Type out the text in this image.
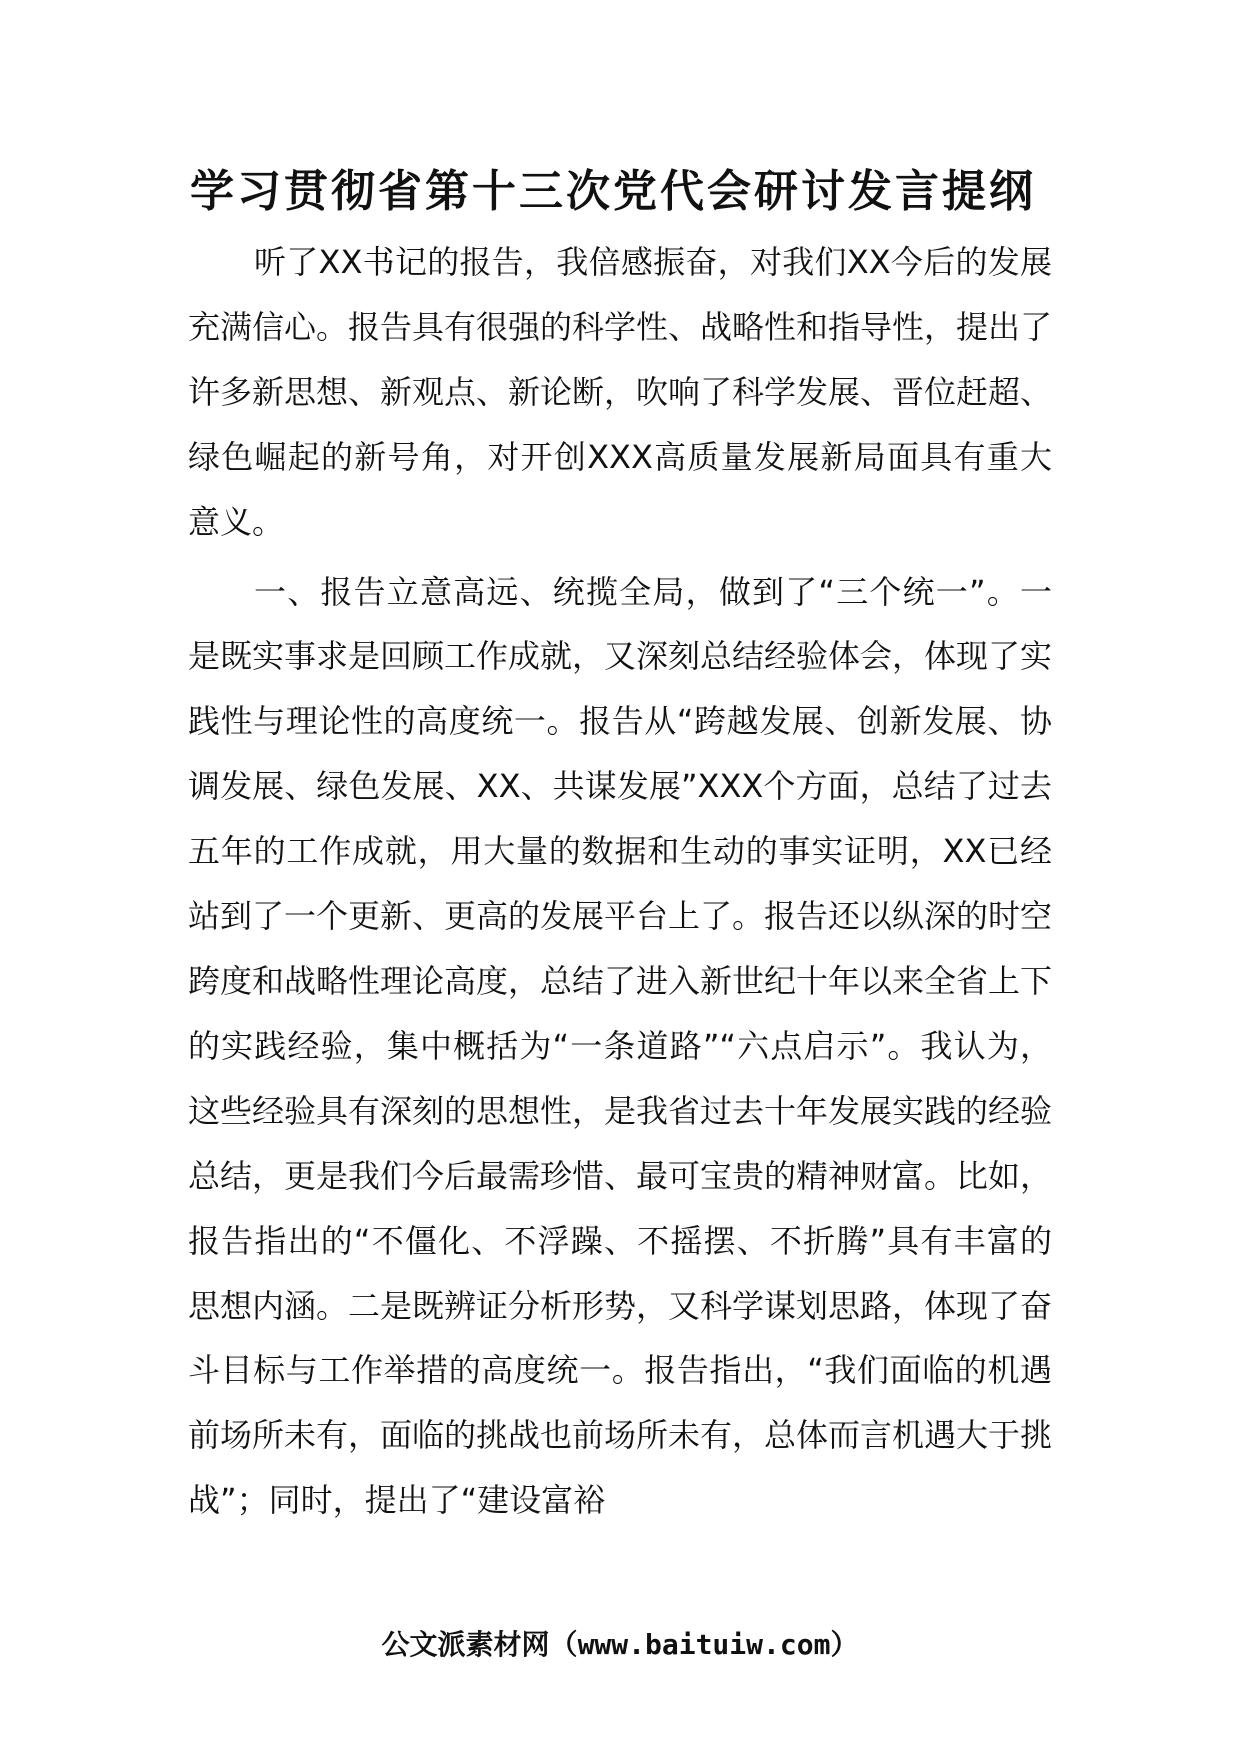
学习贯彻省第十三次党代会研讨发言提纲

听了XX书记的报告，我倍感振奋，对我们XX今后的发展充满信心。报告具有很强的科学性、战略性和指导性，提出了许多新思想、新观点、新论断，吹响了科学发展、晋位赶超、绿色崛起的新号角，对开创XXX高质量发展新局面具有重大意义。

一、报告立意高远、统揽全局，做到了“三个统一”。一是既实事求是回顾工作成就，又深刻总结经验体会，体现了实践性与理论性的高度统一。报告从“跨越发展、创新发展、协调发展、绿色发展、XX、共谋发展”XXX个方面，总结了过去五年的工作成就，用大量的数据和生动的事实证明，XX已经站到了一个更新、更高的发展平台上了。报告还以纵深的时空跨度和战略性理论高度，总结了进入新世纪十年以来全省上下的实践经验，集中概括为“一条道路”“六点启示”。我认为，这些经验具有深刻的思想性，是我省过去十年发展实践的经验总结，更是我们今后最需珍惜、最可宝贵的精神财富。比如，报告指出的“不僵化、不浮躁、不摇摆、不折腾”具有丰富的思想内涵。二是既辨证分析形势，又科学谋划思路，体现了奋斗目标与工作举措的高度统一。报告指出，“我们面临的机遇前场所未有，面临的挑战也前场所未有，总体而言机遇大于挑战”；同时，提出了“建设富裕

公文派素材网（www.baituiw.com）
